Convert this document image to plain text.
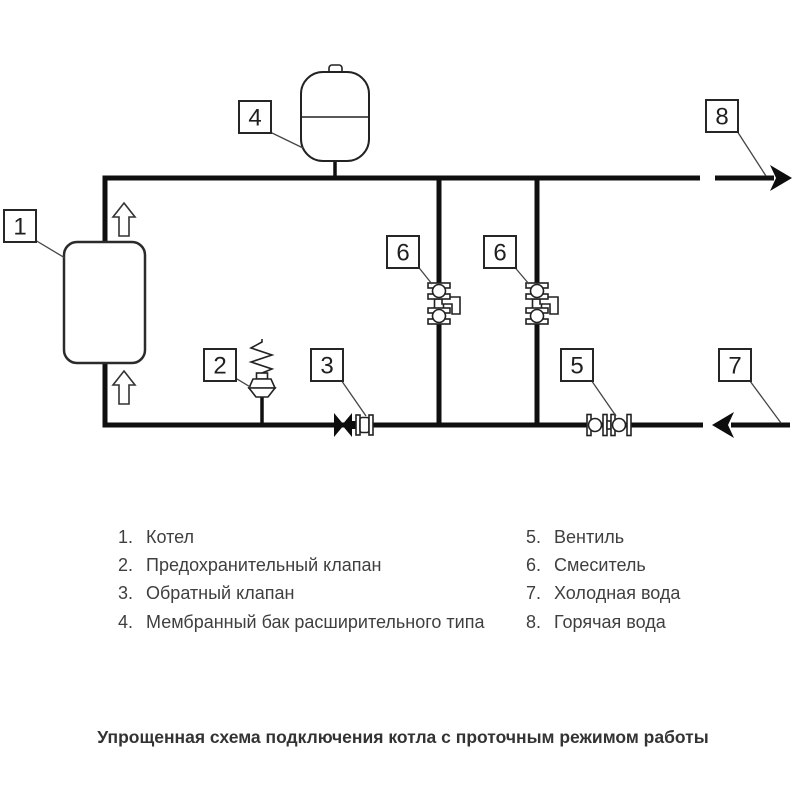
1
2	3
4
5
6	6
7
8
1. Котел
2. Предохранительный клапан
3. Обратный клапан
4. Мембранный бак расширительного типа
5. Вентиль
6. Смеситель
7. Холодная вода
8. Горячая вода
Упрощенная схема подключения котла с проточным режимом работы
